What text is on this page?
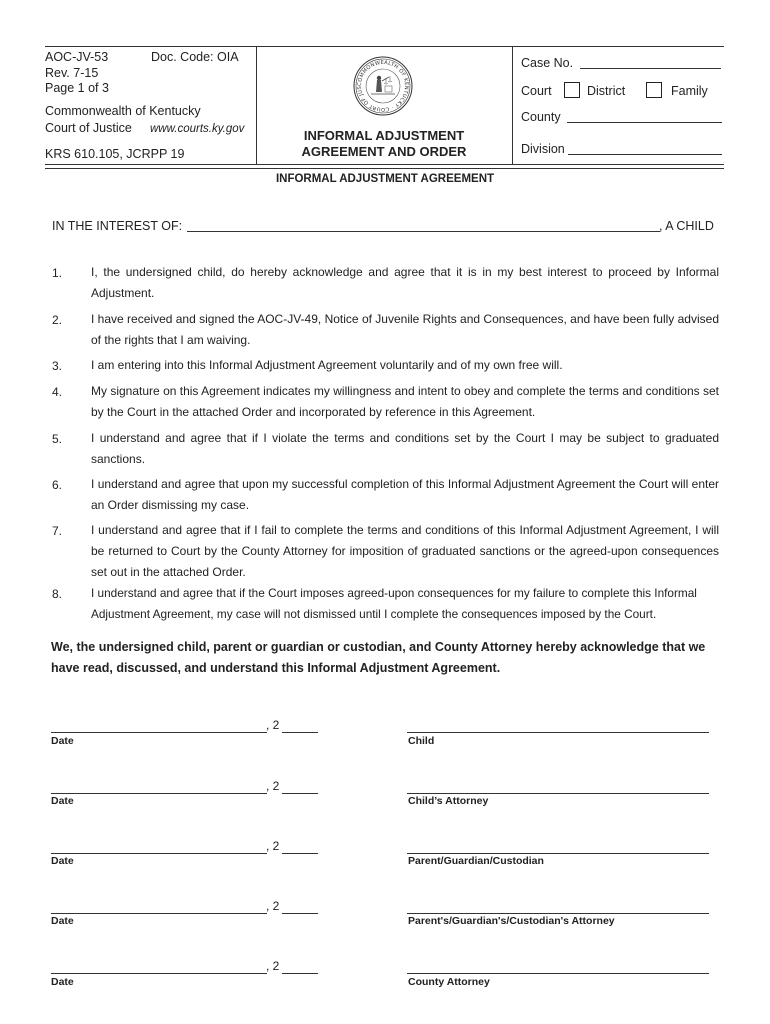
AOC-JV-53	Doc. Code: OIA
Rev. 7-15
Page 1 of 3
Commonwealth of Kentucky
Court of Justice www.courts.ky.gov
KRS 610.105, JCRPP 19
COMMONWEALTH OF KENTUCKY · COURT OF JUS
INFORMAL ADJUSTMENT
AGREEMENT AND ORDER
Case No.
Court	District	Family
County
Division
INFORMAL ADJUSTMENT AGREEMENT
IN THE INTEREST OF:	, A CHILD
1. I, the undersigned child, do hereby acknowledge and agree that it is in my best interest to proceed by Informal Adjustment.
2. I have received and signed the AOC-JV-49, Notice of Juvenile Rights and Consequences, and have been fully advised of the rights that I am waiving.
3. I am entering into this Informal Adjustment Agreement voluntarily and of my own free will.
4. My signature on this Agreement indicates my willingness and intent to obey and complete the terms and conditions set by the Court in the attached Order and incorporated by reference in this Agreement.
5. I understand and agree that if I violate the terms and conditions set by the Court I may be subject to graduated sanctions.
6. I understand and agree that upon my successful completion of this Informal Adjustment Agreement the Court will enter an Order dismissing my case.
7. I understand and agree that if I fail to complete the terms and conditions of this Informal Adjustment Agreement, I will be returned to Court by the County Attorney for imposition of graduated sanctions or the agreed-upon consequences set out in the attached Order.
8. I understand and agree that if the Court imposes agreed-upon consequences for my failure to complete this Informal Adjustment Agreement, my case will not dismissed until I complete the consequences imposed by the Court.
We, the undersigned child, parent or guardian or custodian, and County Attorney hereby acknowledge that we have read, discussed, and understand this Informal Adjustment Agreement.
, 2
Date	Child
, 2
Date	Child’s Attorney
, 2
Date	Parent/Guardian/Custodian
, 2
Date	Parent's/Guardian's/Custodian's Attorney
, 2
Date	County Attorney
